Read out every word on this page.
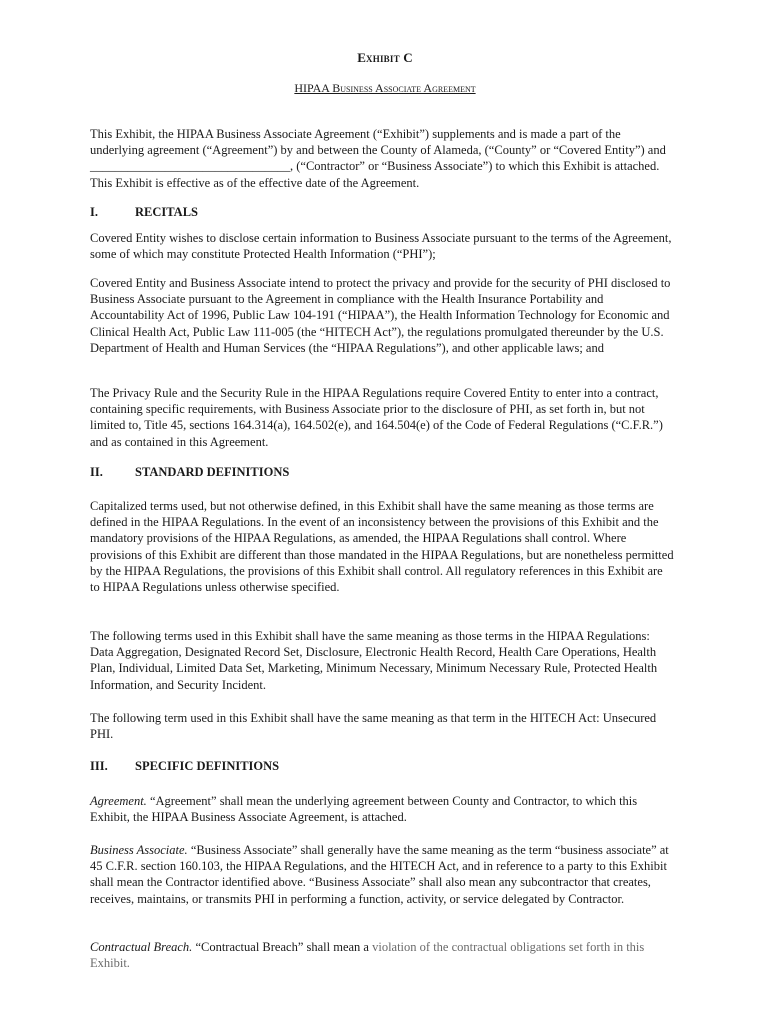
Exhibit C
HIPAA Business Associate Agreement

This Exhibit, the HIPAA Business Associate Agreement (“Exhibit”) supplements and is made a part of the underlying agreement (“Agreement”) by and between the County of Alameda, (“County” or “Covered Entity”) and ________________________________, (“Contractor” or “Business Associate”) to which this Exhibit is attached. This Exhibit is effective as of the effective date of the Agreement.

I.	RECITALS

Covered Entity wishes to disclose certain information to Business Associate pursuant to the terms of the Agreement, some of which may constitute Protected Health Information (“PHI”);

Covered Entity and Business Associate intend to protect the privacy and provide for the security of PHI disclosed to Business Associate pursuant to the Agreement in compliance with the Health Insurance Portability and Accountability Act of 1996, Public Law 104-191 (“HIPAA”), the Health Information Technology for Economic and Clinical Health Act, Public Law 111-005 (the “HITECH Act”), the regulations promulgated thereunder by the U.S. Department of Health and Human Services (the “HIPAA Regulations”), and other applicable laws; and

The Privacy Rule and the Security Rule in the HIPAA Regulations require Covered Entity to enter into a contract, containing specific requirements, with Business Associate prior to the disclosure of PHI, as set forth in, but not limited to, Title 45, sections 164.314(a), 164.502(e), and 164.504(e) of the Code of Federal Regulations (“C.F.R.”) and as contained in this Agreement.

II.	STANDARD DEFINITIONS

Capitalized terms used, but not otherwise defined, in this Exhibit shall have the same meaning as those terms are defined in the HIPAA Regulations. In the event of an inconsistency between the provisions of this Exhibit and the mandatory provisions of the HIPAA Regulations, as amended, the HIPAA Regulations shall control. Where provisions of this Exhibit are different than those mandated in the HIPAA Regulations, but are nonetheless permitted by the HIPAA Regulations, the provisions of this Exhibit shall control. All regulatory references in this Exhibit are to HIPAA Regulations unless otherwise specified.

The following terms used in this Exhibit shall have the same meaning as those terms in the HIPAA Regulations: Data Aggregation, Designated Record Set, Disclosure, Electronic Health Record, Health Care Operations, Health Plan, Individual, Limited Data Set, Marketing, Minimum Necessary, Minimum Necessary Rule, Protected Health Information, and Security Incident.

The following term used in this Exhibit shall have the same meaning as that term in the HITECH Act: Unsecured PHI.

III. SPECIFIC DEFINITIONS

Agreement. “Agreement” shall mean the underlying agreement between County and Contractor, to which this Exhibit, the HIPAA Business Associate Agreement, is attached.

Business Associate. “Business Associate” shall generally have the same meaning as the term “business associate” at 45 C.F.R. section 160.103, the HIPAA Regulations, and the HITECH Act, and in reference to a party to this Exhibit shall mean the Contractor identified above. “Business Associate” shall also mean any subcontractor that creates, receives, maintains, or transmits PHI in performing a function, activity, or service delegated by Contractor.

Contractual Breach. “Contractual Breach” shall mean a violation of the contractual obligations set forth in this Exhibit.
